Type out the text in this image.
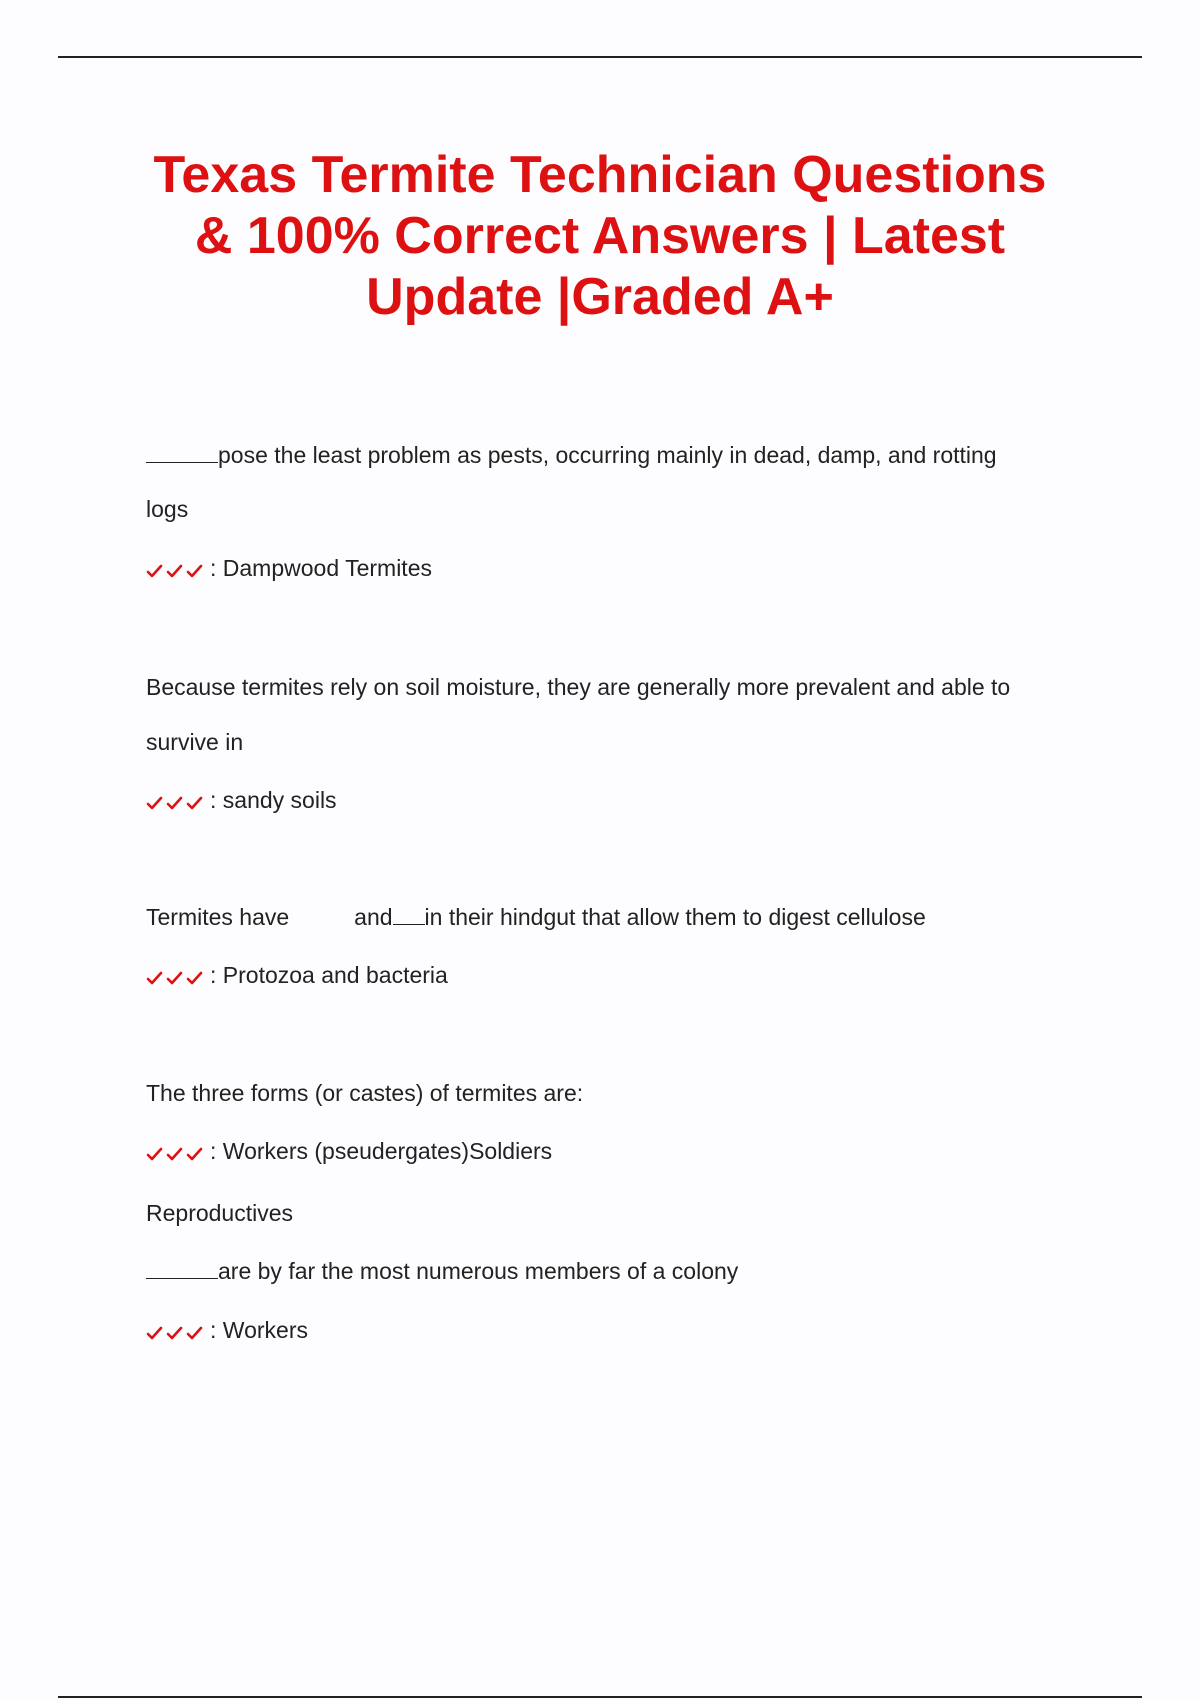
Texas Termite Technician Questions
& 100% Correct Answers | Latest
Update |Graded A+

pose the least problem as pests, occurring mainly in dead, damp, and rotting

logs

: Dampwood Termites

Because termites rely on soil moisture, they are generally more prevalent and able to

survive in

: sandy soils

Termites have	and in their hindgut that allow them to digest cellulose

: Protozoa and bacteria

The three forms (or castes) of termites are:

: Workers (pseudergates)Soldiers

Reproductives

are by far the most numerous members of a colony

: Workers
